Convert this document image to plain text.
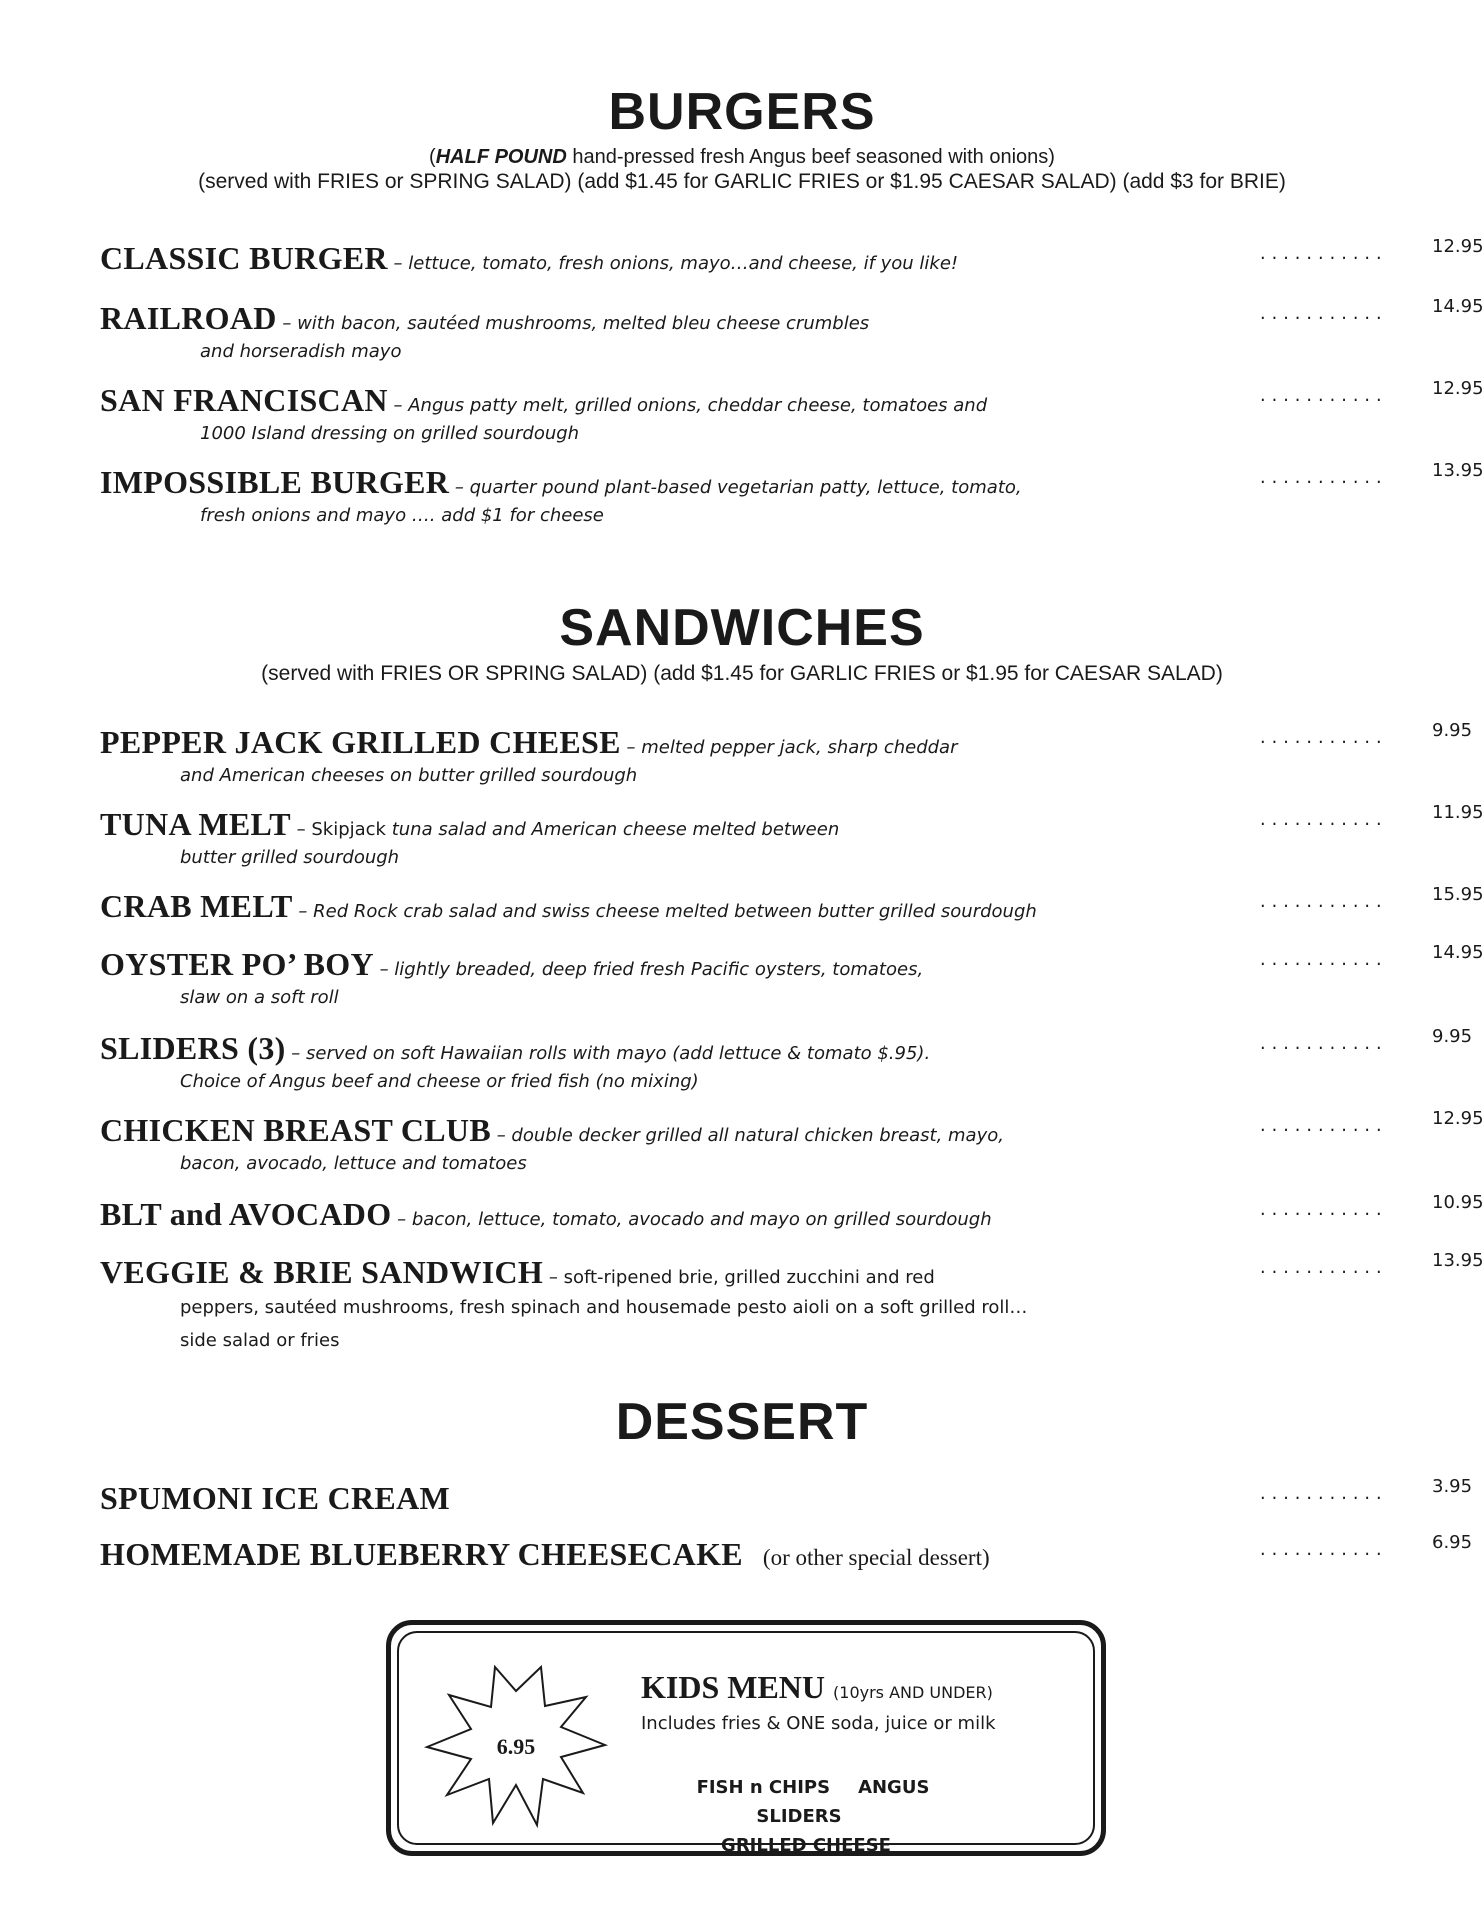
BURGERS
(HALF POUND hand-pressed fresh Angus beef seasoned with onions)
(served with FRIES or SPRING SALAD) (add $1.45 for GARLIC FRIES or $1.95 CAESAR SALAD) (add $3 for BRIE)
CLASSIC BURGER – lettuce, tomato, fresh onions, mayo…and cheese, if you like!	...........	12.95
RAILROAD – with bacon, sautéed mushrooms, melted bleu cheese crumbles
and horseradish mayo
...........	14.95
SAN FRANCISCAN – Angus patty melt, grilled onions, cheddar cheese, tomatoes and
1000 Island dressing on grilled sourdough
...........	12.95
IMPOSSIBLE BURGER – quarter pound plant-based vegetarian patty, lettuce, tomato,
fresh onions and mayo …. add $1 for cheese
...........	13.95
SANDWICHES
(served with FRIES OR SPRING SALAD) (add $1.45 for GARLIC FRIES or $1.95 for CAESAR SALAD)
PEPPER JACK GRILLED CHEESE – melted pepper jack, sharp cheddar
and American cheeses on butter grilled sourdough
...........	9.95
TUNA MELT – Skipjack tuna salad and American cheese melted between
butter grilled sourdough
...........	11.95
CRAB MELT – Red Rock crab salad and swiss cheese melted between butter grilled sourdough	...........	15.95
OYSTER PO’ BOY – lightly breaded, deep fried fresh Pacific oysters, tomatoes,
slaw on a soft roll
...........	14.95
SLIDERS (3) – served on soft Hawaiian rolls with mayo (add lettuce & tomato $.95).
Choice of Angus beef and cheese or fried fish (no mixing)
...........	9.95
CHICKEN BREAST CLUB – double decker grilled all natural chicken breast, mayo,
bacon, avocado, lettuce and tomatoes
...........	12.95
BLT and AVOCADO – bacon, lettuce, tomato, avocado and mayo on grilled sourdough	...........	10.95
VEGGIE & BRIE SANDWICH – soft-ripened brie, grilled zucchini and red
peppers, sautéed mushrooms, fresh spinach and housemade pesto aioli on a soft grilled roll…side salad or fries
...........	13.95
DESSERT
SPUMONI ICE CREAM	...........	3.95
HOMEMADE BLUEBERRY CHEESECAKE (or other special dessert)	...........	6.95
6.95
KIDS MENU (10yrs AND UNDER)
Includes fries & ONE soda, juice or milk
FISH n CHIPS ANGUS SLIDERS
GRILLED CHEESE
